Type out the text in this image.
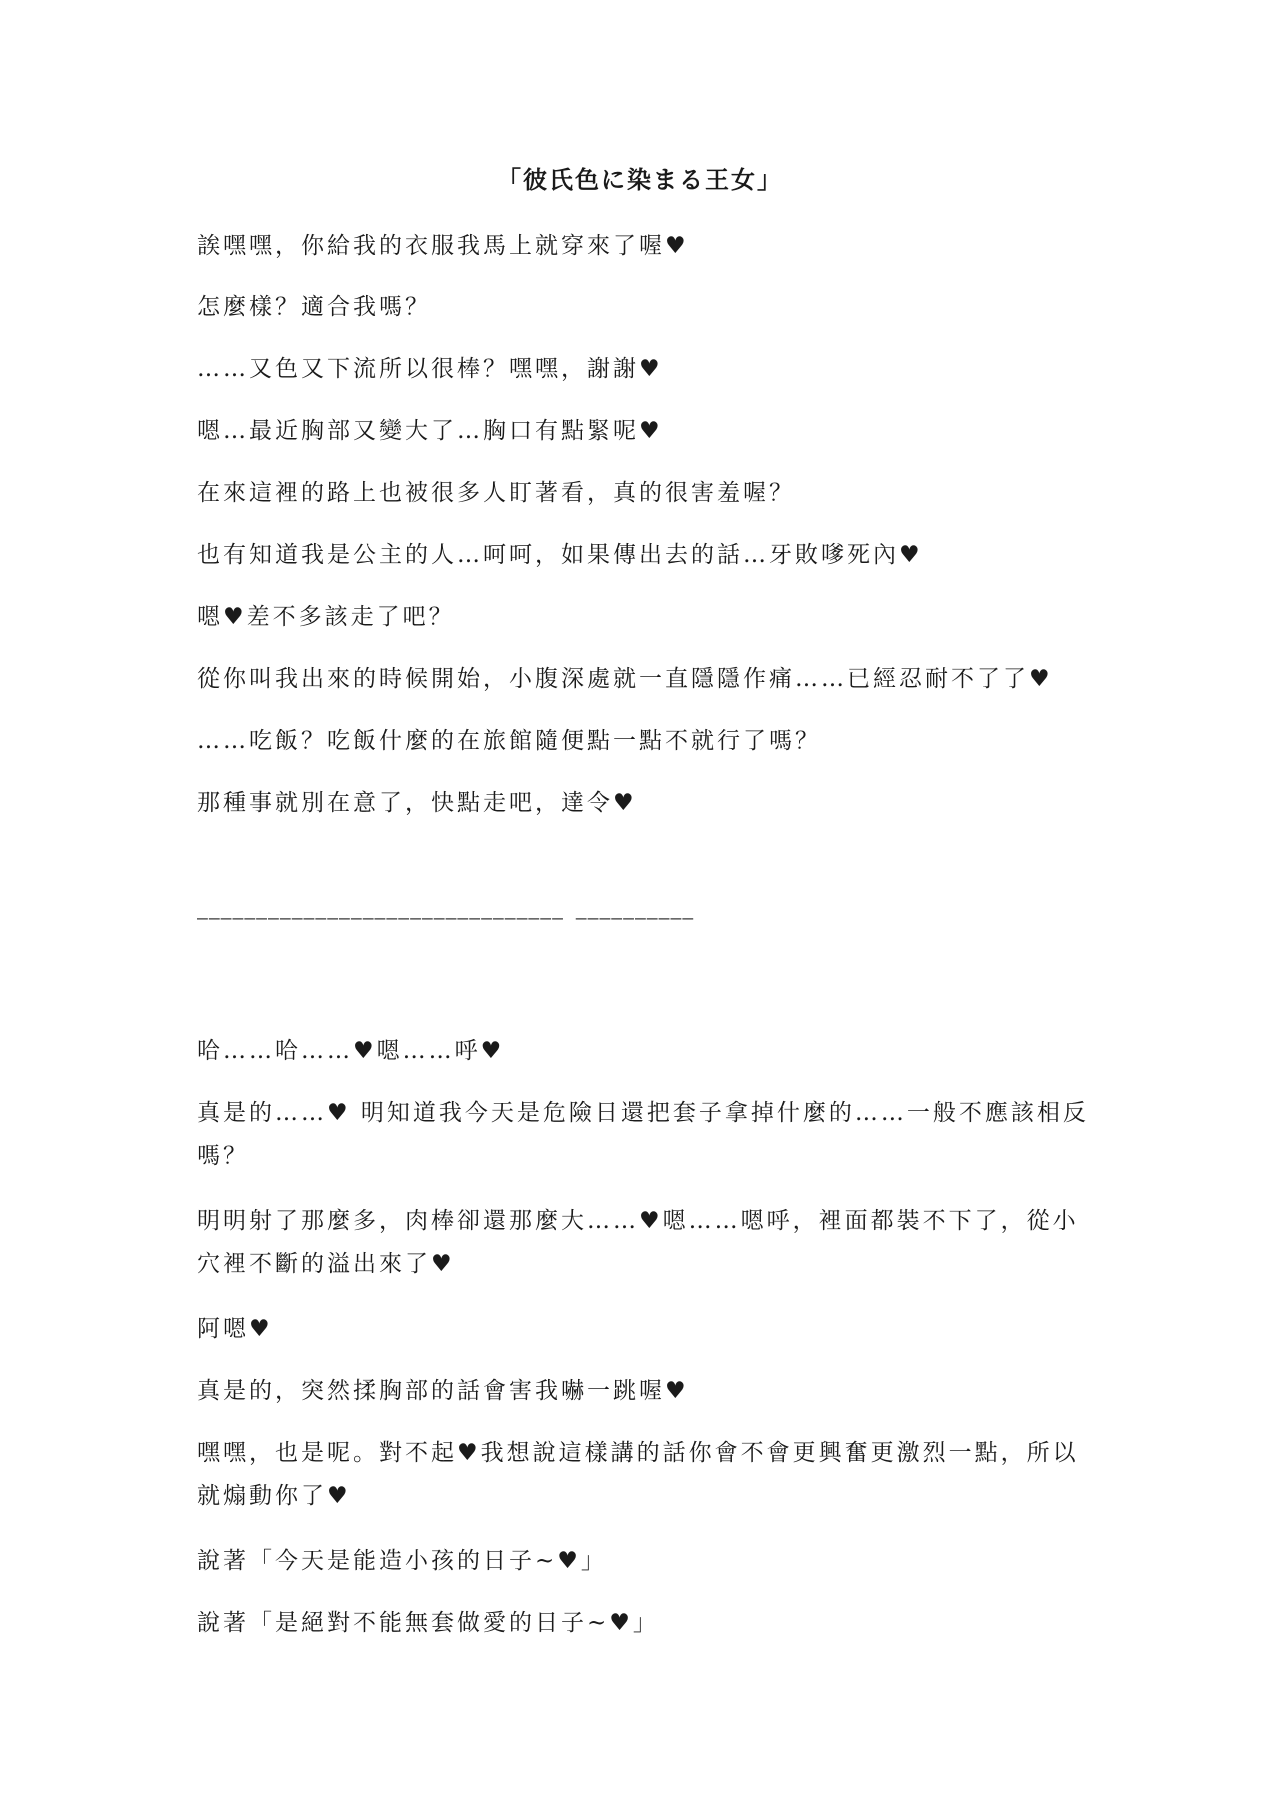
「彼氏色に染まる王女」

誒嘿嘿，你給我的衣服我馬上就穿來了喔♥

怎麼樣？適合我嗎？

……又色又下流所以很棒？嘿嘿，謝謝♥

嗯…最近胸部又變大了…胸口有點緊呢♥

在來這裡的路上也被很多人盯著看，真的很害羞喔？

也有知道我是公主的人…呵呵，如果傳出去的話…牙敗嗲死內♥

嗯♥差不多該走了吧？

從你叫我出來的時候開始，小腹深處就一直隱隱作痛……已經忍耐不了了♥

……吃飯？吃飯什麼的在旅館隨便點一點不就行了嗎？

那種事就別在意了，快點走吧，達令♥

——————————————————————————————— ——————————

哈……哈……♥嗯……呼♥

真是的……♥ 明知道我今天是危險日還把套子拿掉什麼的……一般不應該相反嗎？

明明射了那麼多，肉棒卻還那麼大……♥嗯……嗯呼，裡面都裝不下了，從小穴裡不斷的溢出來了♥

阿嗯♥

真是的，突然揉胸部的話會害我嚇一跳喔♥

嘿嘿，也是呢。對不起♥我想說這樣講的話你會不會更興奮更激烈一點，所以就煽動你了♥

說著「今天是能造小孩的日子~♥」

說著「是絕對不能無套做愛的日子~♥」
